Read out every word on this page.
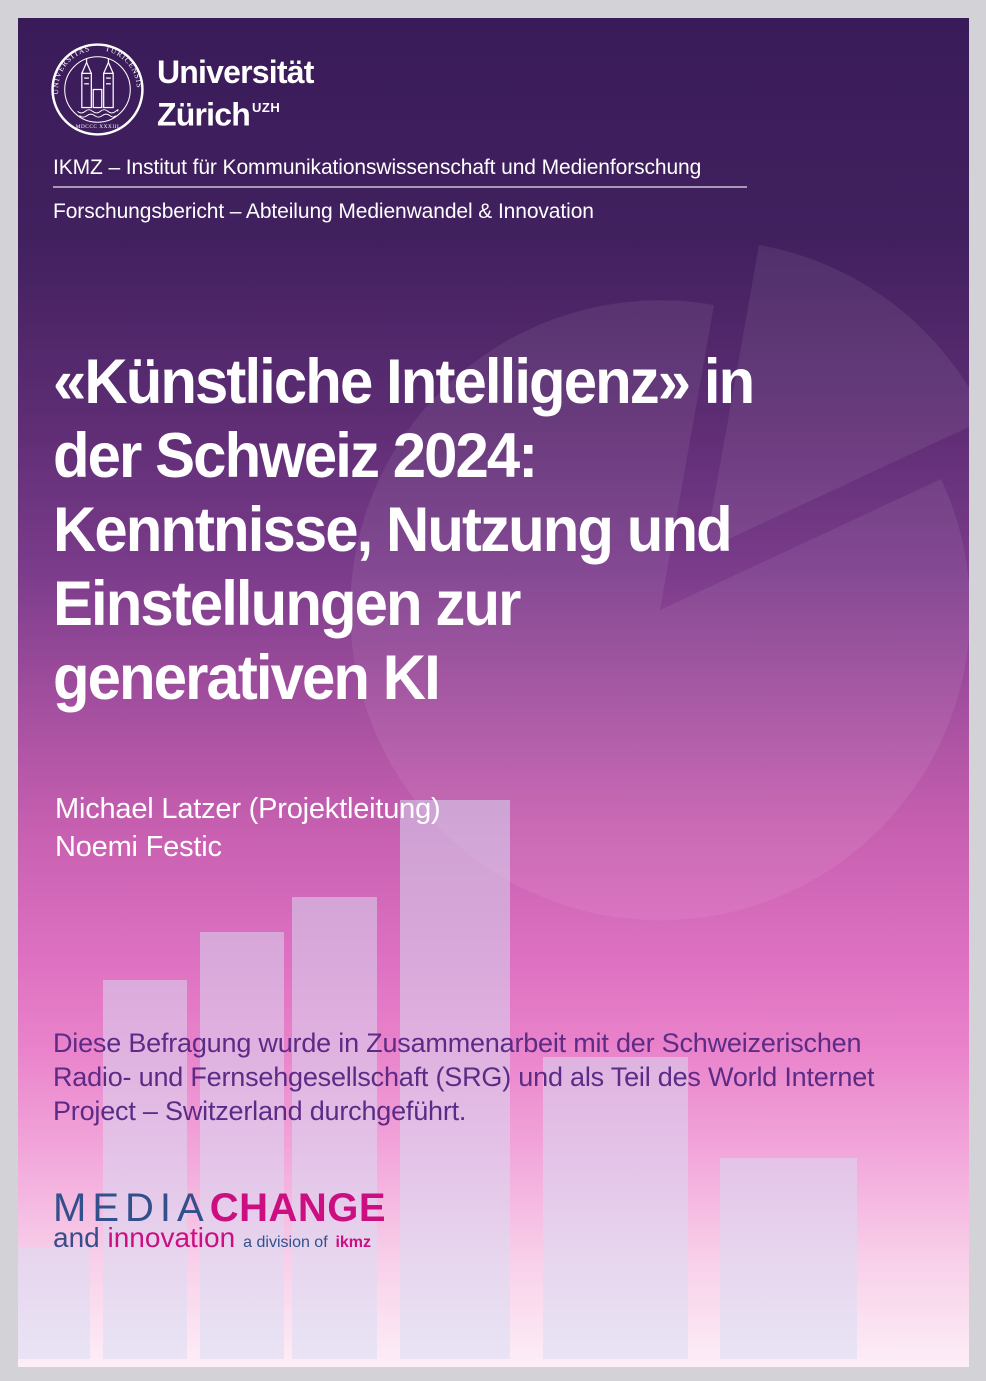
UNIVERSITAS TURICENSIS
MDCCC XXXIII
Universität
Zürich $^{UZH}$
IKMZ – Institut für Kommunikationswissenschaft und Medienforschung
Forschungsbericht – Abteilung Medienwandel & Innovation
«Künstliche Intelligenz» in
der Schweiz 2024:
Kenntnisse, Nutzung und
Einstellungen zur
generativen KI
Michael Latzer (Projektleitung)
Noemi Festic
Diese Befragung wurde in Zusammenarbeit mit der Schweizerischen
Radio- und Fernsehgesellschaft (SRG) und als Teil des World Internet
Project – Switzerland durchgeführt.
MEDIACHANGE
and innovation a division of ikmz
